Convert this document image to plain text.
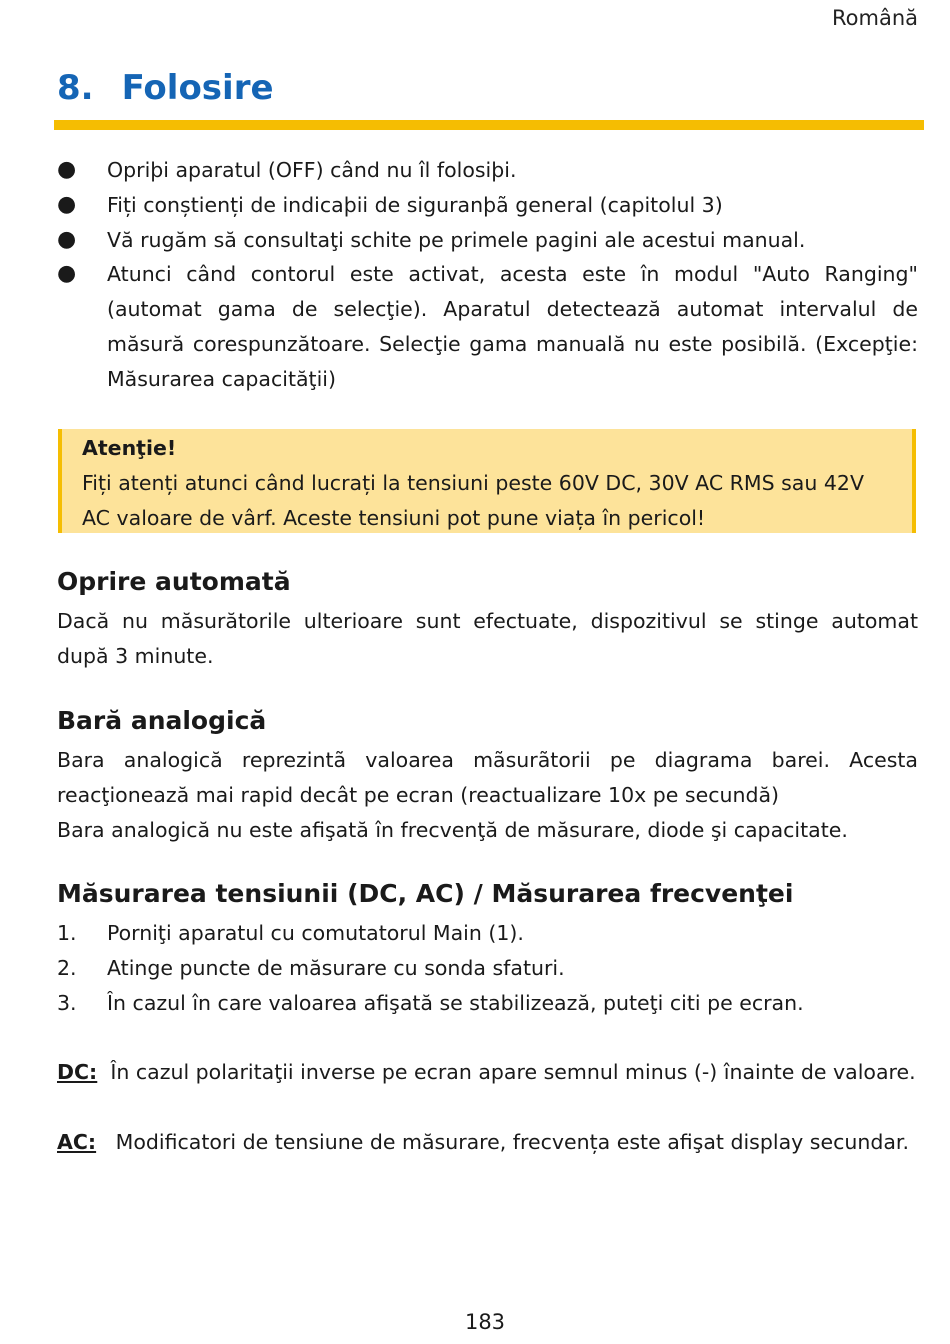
Română
8. Folosire
●	Opriþi aparatul (OFF) când nu îl folosiþi.
●	Fiți conștienți de indicaþii de siguranþã general (capitolul 3)
●	Vă rugăm să consultaţi schite pe primele pagini ale acestui manual.
●	Atunci când contorul este activat, acesta este în modul "Auto Ranging" (automat gama de selecţie). Aparatul detectează automat intervalul de măsură corespunzătoare. Selecţie gama manuală nu este posibilă. (Excepţie: Măsurarea capacităţii)
Atenţie!
Fiți atenți atunci când lucrați la tensiuni peste 60V DC, 30V AC RMS sau 42V AC valoare de vârf. Aceste tensiuni pot pune viața în pericol!
Oprire automată

Dacă nu măsurătorile ulterioare sunt efectuate, dispozitivul se stinge automat după 3 minute.

Bară analogică

Bara analogică reprezintã valoarea mãsurãtorii pe diagrama barei. Acesta reacţionează mai rapid decât pe ecran (reactualizare 10x pe secundă)

Bara analogică nu este afişată în frecvenţă de măsurare, diode şi capacitate.

Măsurarea tensiunii (DC, AC) / Măsurarea frecvenţei
1.	Porniţi aparatul cu comutatorul Main (1).
2.	Atinge puncte de măsurare cu sonda sfaturi.
3.	În cazul în care valoarea afişată se stabilizează, puteţi citi pe ecran.

DC: În cazul polaritaţii inverse pe ecran apare semnul minus (-) înainte de valoare.

AC: Modificatori de tensiune de măsurare, frecvența este afişat display secundar.

183
